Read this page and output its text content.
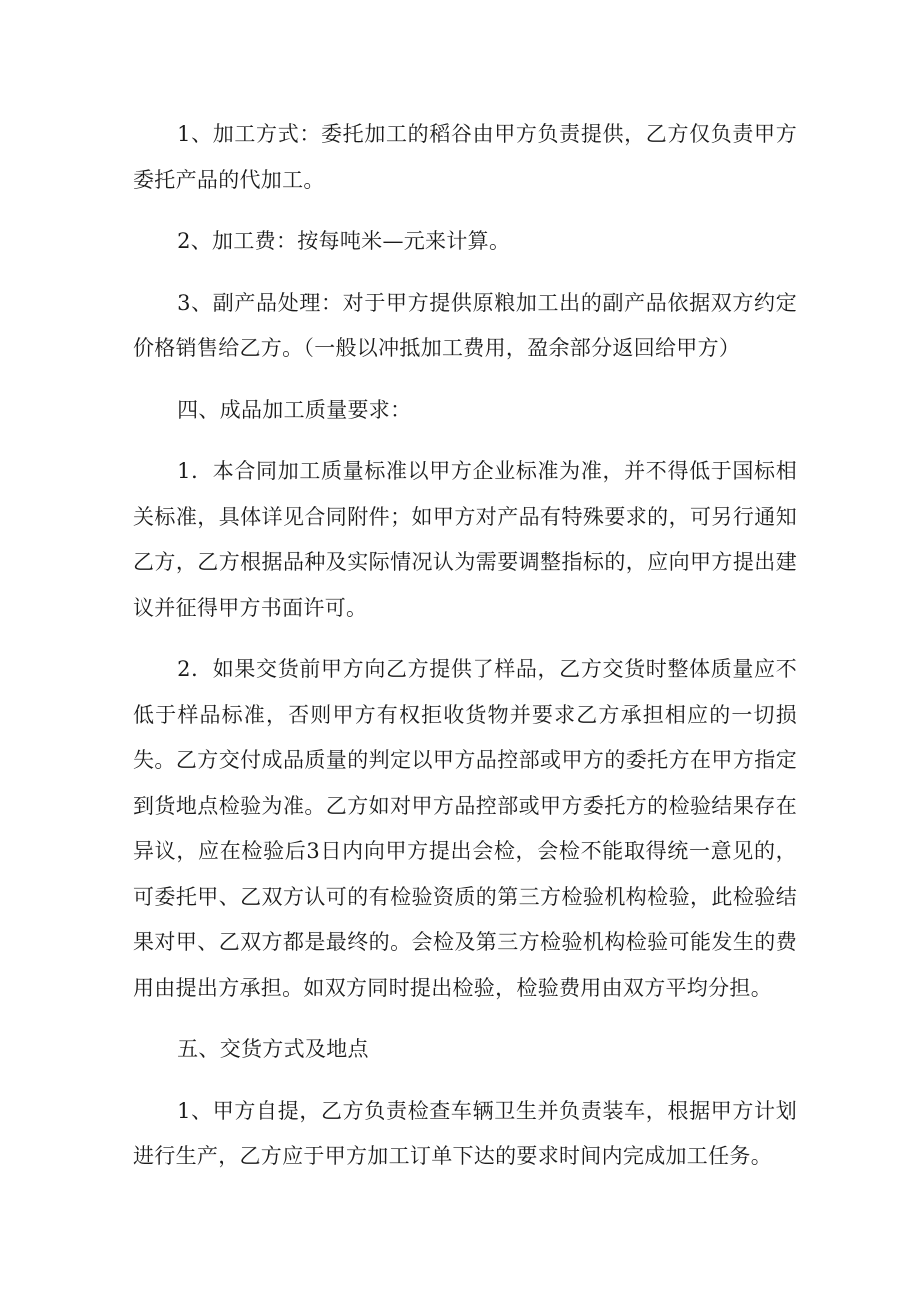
1、加工方式：委托加工的稻谷由甲方负责提供，乙方仅负责甲方委托产品的代加工。

2、加工费：按每吨米—元来计算。

3、副产品处理：对于甲方提供原粮加工出的副产品依据双方约定价格销售给乙方。（一般以冲抵加工费用，盈余部分返回给甲方）

四、成品加工质量要求：

1．本合同加工质量标准以甲方企业标准为准，并不得低于国标相关标准，具体详见合同附件；如甲方对产品有特殊要求的，可另行通知乙方，乙方根据品种及实际情况认为需要调整指标的，应向甲方提出建议并征得甲方书面许可。

2．如果交货前甲方向乙方提供了样品，乙方交货时整体质量应不低于样品标准，否则甲方有权拒收货物并要求乙方承担相应的一切损失。乙方交付成品质量的判定以甲方品控部或甲方的委托方在甲方指定到货地点检验为准。乙方如对甲方品控部或甲方委托方的检验结果存在异议，应在检验后3日内向甲方提出会检，会检不能取得统一意见的，可委托甲、乙双方认可的有检验资质的第三方检验机构检验，此检验结果对甲、乙双方都是最终的。会检及第三方检验机构检验可能发生的费用由提出方承担。如双方同时提出检验，检验费用由双方平均分担。

五、交货方式及地点

1、甲方自提，乙方负责检查车辆卫生并负责装车，根据甲方计划进行生产，乙方应于甲方加工订单下达的要求时间内完成加工任务。
